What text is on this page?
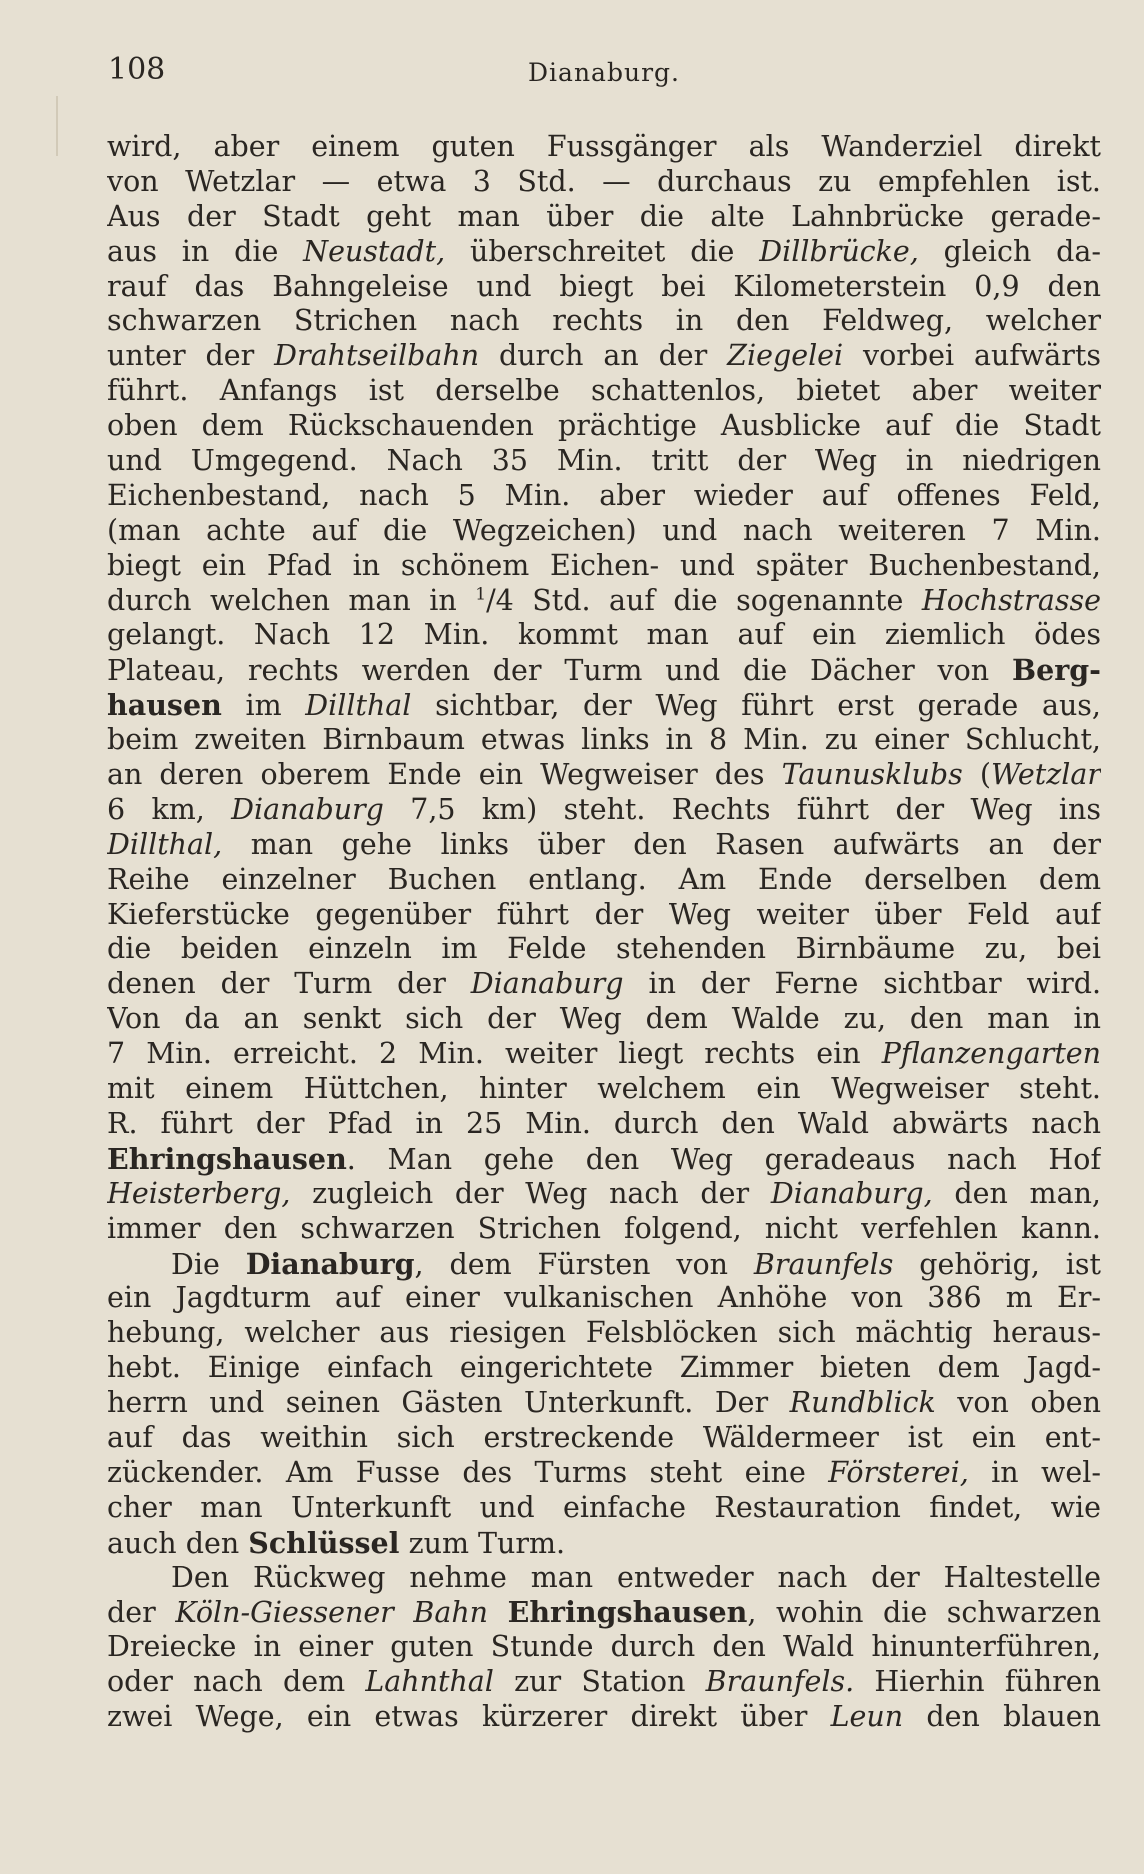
108	Dianaburg.
wird, aber einem guten Fussgänger als Wanderziel direkt
von Wetzlar — etwa 3 Std. — durchaus zu empfehlen ist.
Aus der Stadt geht man über die alte Lahnbrücke gerade-
aus in die Neustadt, überschreitet die Dillbrücke, gleich da-
rauf das Bahngeleise und biegt bei Kilometerstein 0,9 den
schwarzen Strichen nach rechts in den Feldweg, welcher
unter der Drahtseilbahn durch an der Ziegelei vorbei aufwärts
führt. Anfangs ist derselbe schattenlos, bietet aber weiter
oben dem Rückschauenden prächtige Ausblicke auf die Stadt
und Umgegend. Nach 35 Min. tritt der Weg in niedrigen
Eichenbestand, nach 5 Min. aber wieder auf offenes Feld,
(man achte auf die Wegzeichen) und nach weiteren 7 Min.
biegt ein Pfad in schönem Eichen- und später Buchenbestand,
durch welchen man in $^1$/4 Std. auf die sogenannte Hochstrasse
gelangt. Nach 12 Min. kommt man auf ein ziemlich ödes
Plateau, rechts werden der Turm und die Dächer von Berg-
hausen im Dillthal sichtbar, der Weg führt erst gerade aus,
beim zweiten Birnbaum etwas links in 8 Min. zu einer Schlucht,
an deren oberem Ende ein Wegweiser des Taunusklubs (Wetzlar
6 km, Dianaburg 7,5 km) steht. Rechts führt der Weg ins
Dillthal, man gehe links über den Rasen aufwärts an der
Reihe einzelner Buchen entlang. Am Ende derselben dem
Kieferstücke gegenüber führt der Weg weiter über Feld auf
die beiden einzeln im Felde stehenden Birnbäume zu, bei
denen der Turm der Dianaburg in der Ferne sichtbar wird.
Von da an senkt sich der Weg dem Walde zu, den man in
7 Min. erreicht. 2 Min. weiter liegt rechts ein Pflanzengarten
mit einem Hüttchen, hinter welchem ein Wegweiser steht.
R. führt der Pfad in 25 Min. durch den Wald abwärts nach
Ehringshausen. Man gehe den Weg geradeaus nach Hof
Heisterberg, zugleich der Weg nach der Dianaburg, den man,
immer den schwarzen Strichen folgend, nicht verfehlen kann.
Die Dianaburg, dem Fürsten von Braunfels gehörig, ist
ein Jagdturm auf einer vulkanischen Anhöhe von 386 m Er-
hebung, welcher aus riesigen Felsblöcken sich mächtig heraus-
hebt. Einige einfach eingerichtete Zimmer bieten dem Jagd-
herrn und seinen Gästen Unterkunft. Der Rundblick von oben
auf das weithin sich erstreckende Wäldermeer ist ein ent-
zückender. Am Fusse des Turms steht eine Försterei, in wel-
cher man Unterkunft und einfache Restauration findet, wie
auch den Schlüssel zum Turm.
Den Rückweg nehme man entweder nach der Haltestelle
der Köln-Giessener Bahn Ehringshausen, wohin die schwarzen
Dreiecke in einer guten Stunde durch den Wald hinunterführen,
oder nach dem Lahnthal zur Station Braunfels. Hierhin führen
zwei Wege, ein etwas kürzerer direkt über Leun den blauen
